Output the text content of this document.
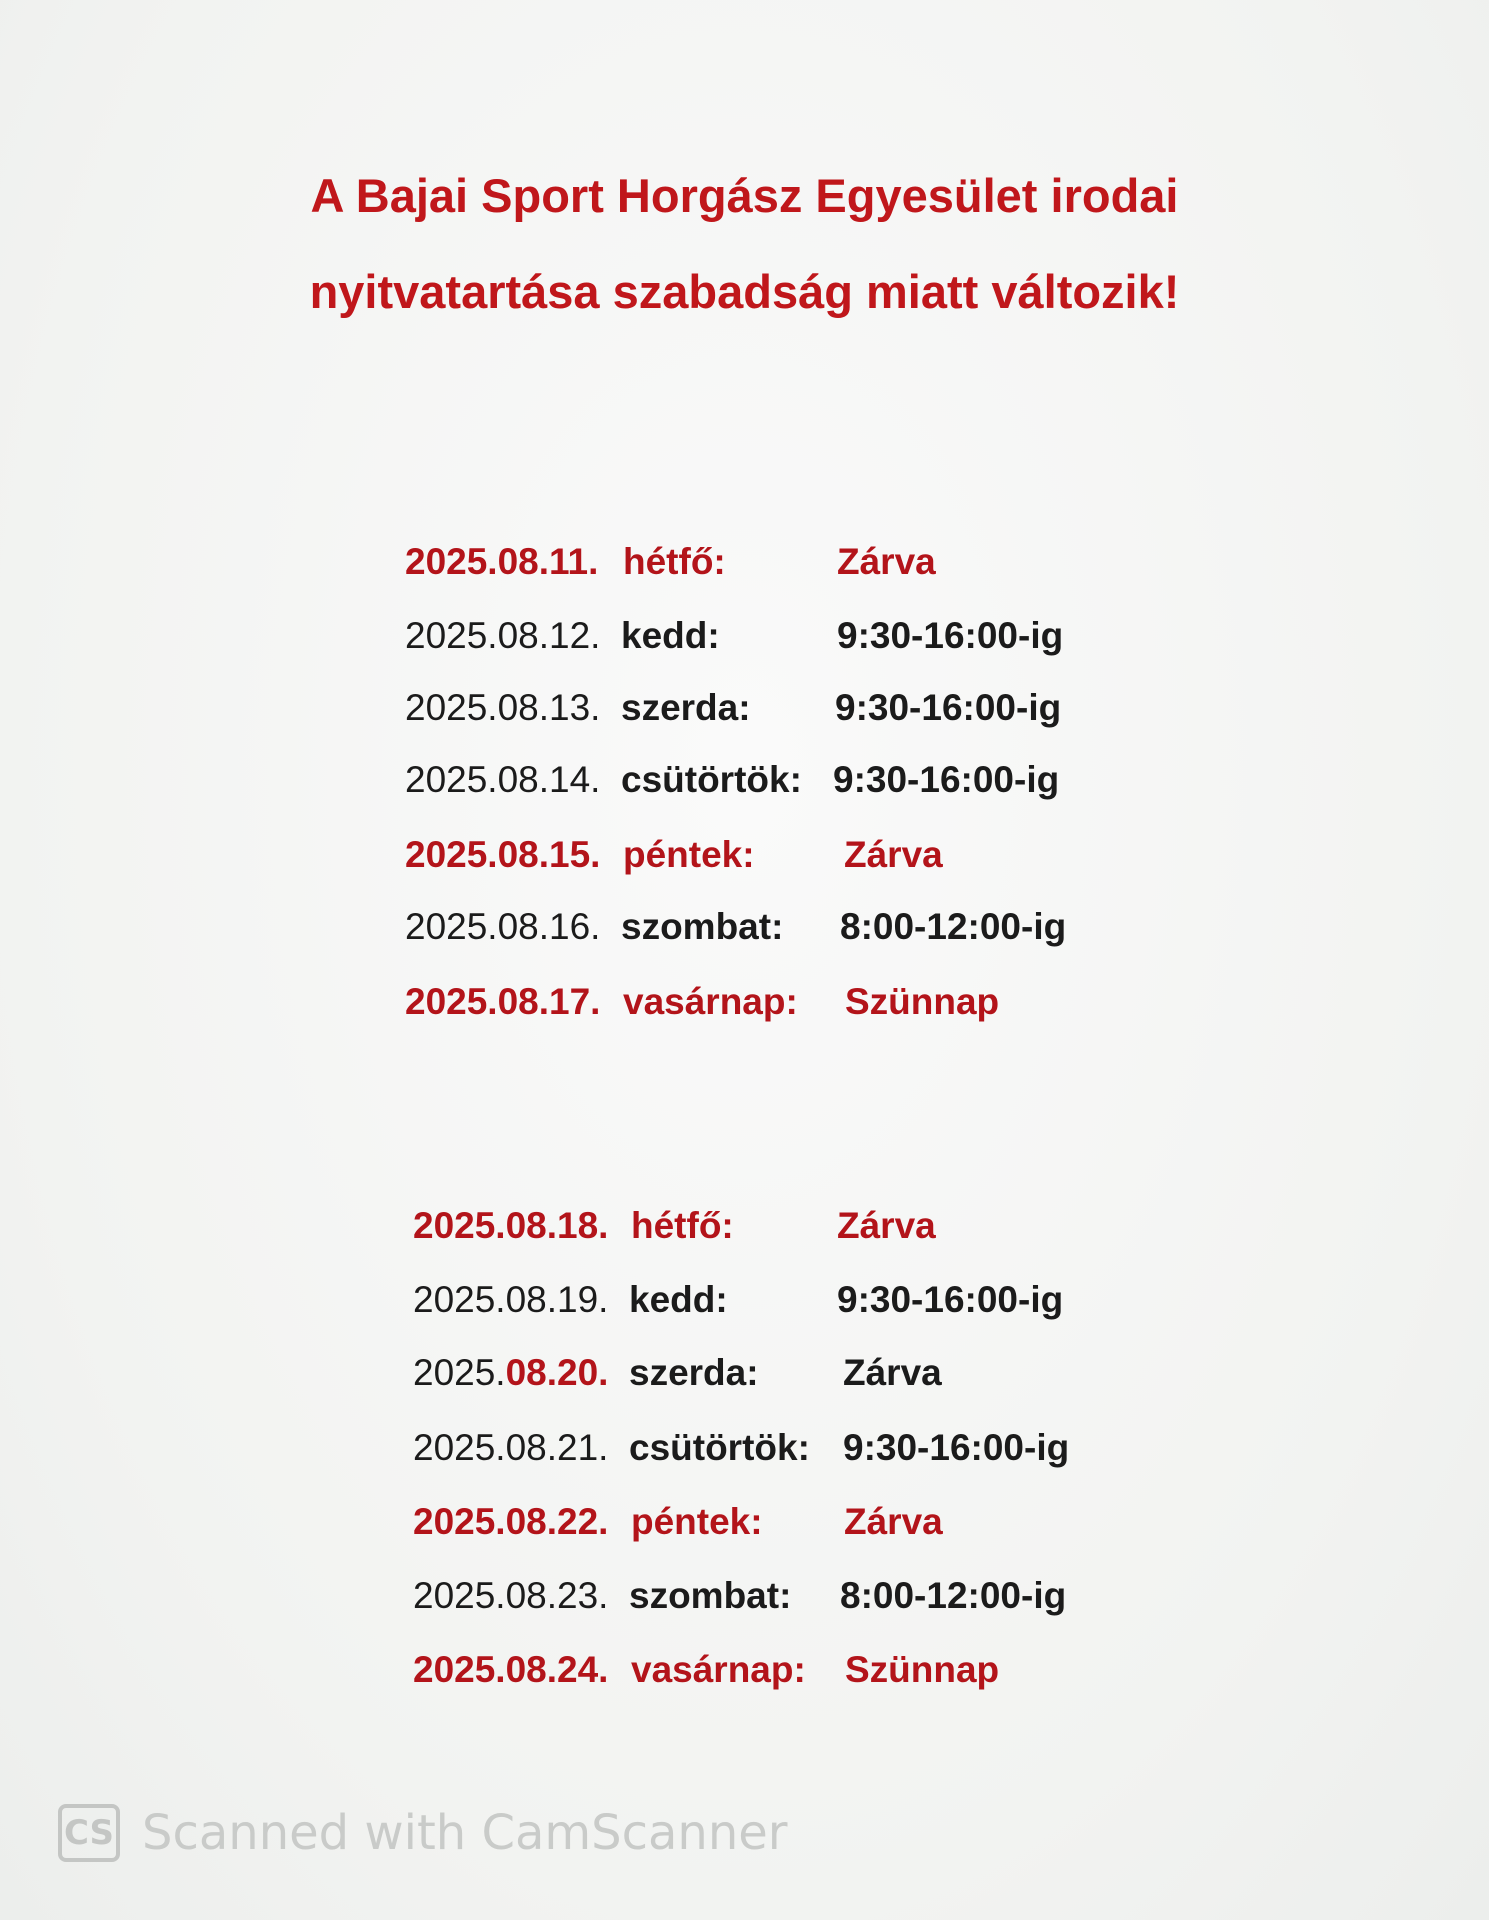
A Bajai Sport Horgász Egyesület irodai
nyitvatartása szabadság miatt változik!
2025.08.11. hétfő:	Zárva
2025.08.12. kedd:	9:30-16:00-ig
2025.08.13. szerda: 9:30-16:00-ig
2025.08.14. csütörtök: 9:30-16:00-ig
2025.08.15. péntek: Zárva
2025.08.16. szombat: 8:00-12:00-ig
2025.08.17. vasárnap: Szünnap
2025.08.18. hétfő:	Zárva
2025.08.19. kedd:	9:30-16:00-ig
2025.08.20. szerda: Zárva
2025.08.21. csütörtök: 9:30-16:00-ig
2025.08.22. péntek: Zárva
2025.08.23. szombat: 8:00-12:00-ig
2025.08.24. vasárnap: Szünnap
CS Scanned with CamScanner
